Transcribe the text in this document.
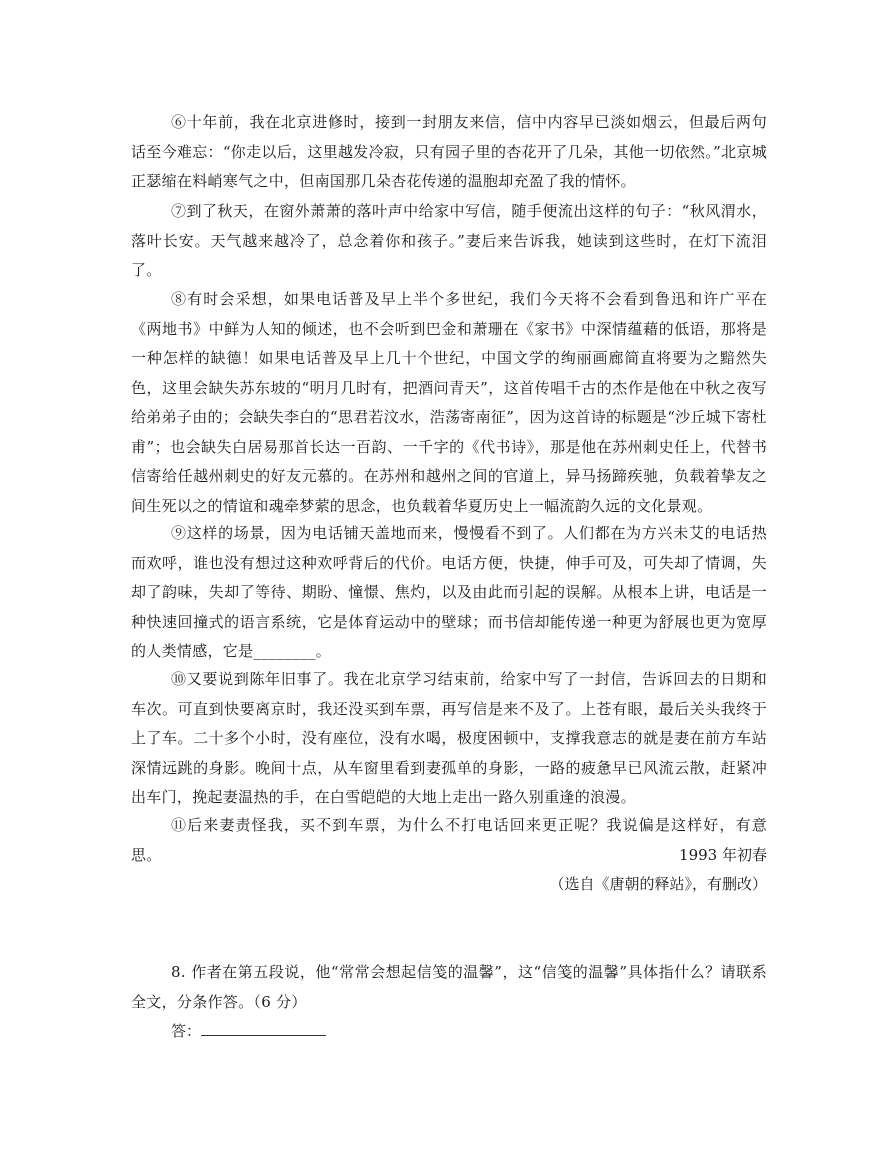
⑥十年前，我在北京进修时，接到一封朋友来信，信中内容早已淡如烟云，但最后两句话至今难忘：“你走以后，这里越发冷寂，只有园子里的杏花开了几朵，其他一切依然。”北京城正瑟缩在料峭寒气之中，但南国那几朵杏花传递的温胞却充盈了我的情怀。

⑦到了秋天，在窗外萧萧的落叶声中给家中写信，随手便流出这样的句子：“秋风渭水，落叶长安。天气越来越冷了，总念着你和孩子。”妻后来告诉我，她读到这些时，在灯下流泪了。

⑧有时会采想，如果电话普及早上半个多世纪，我们今天将不会看到鲁迅和许广平在《两地书》中鲜为人知的倾述，也不会听到巴金和萧珊在《家书》中深情蕴藉的低语，那将是一种怎样的缺德！如果电话普及早上几十个世纪，中国文学的绚丽画廊简直将要为之黯然失色，这里会缺失苏东坡的“明月几时有，把酒问青天”，这首传唱千古的杰作是他在中秋之夜写给弟弟子由的；会缺失李白的“思君若汶水，浩荡寄南征”，因为这首诗的标题是“沙丘城下寄杜甫”；也会缺失白居易那首长达一百韵、一千字的《代书诗》，那是他在苏州刺史任上，代替书信寄给任越州刺史的好友元慕的。在苏州和越州之间的官道上，异马扬蹄疾驰，负载着挚友之间生死以之的情谊和魂牵梦萦的思念，也负载着华夏历史上一幅流韵久远的文化景观。

⑨这样的场景，因为电话铺天盖地而来，慢慢看不到了。人们都在为方兴未艾的电话热而欢呼，谁也没有想过这种欢呼背后的代价。电话方便，快捷，伸手可及，可失却了情调，失却了韵味，失却了等待、期盼、憧憬、焦灼，以及由此而引起的误解。从根本上讲，电话是一种快速回撞式的语言系统，它是体育运动中的壁球；而书信却能传递一种更为舒展也更为宽厚的人类情感，它是________。

⑩又要说到陈年旧事了。我在北京学习结束前，给家中写了一封信，告诉回去的日期和车次。可直到快要离京时，我还没买到车票，再写信是来不及了。上苍有眼，最后关头我终于上了车。二十多个小时，没有座位，没有水喝，极度困顿中，支撑我意志的就是妻在前方车站深情远跳的身影。晚间十点，从车窗里看到妻孤单的身影，一路的疲惫早已风流云散，赶紧冲出车门，挽起妻温热的手，在白雪皑皑的大地上走出一路久别重逢的浪漫。

⑪后来妻责怪我，买不到车票，为什么不打电话回来更正呢？我说偏是这样好，有意思。	1993 年初春

（选自《唐朝的释站》，有删改）

8. 作者在第五段说，他“常常会想起信笺的温馨”，这“信笺的温馨”具体指什么？请联系全文，分条作答。（6 分）

答：
